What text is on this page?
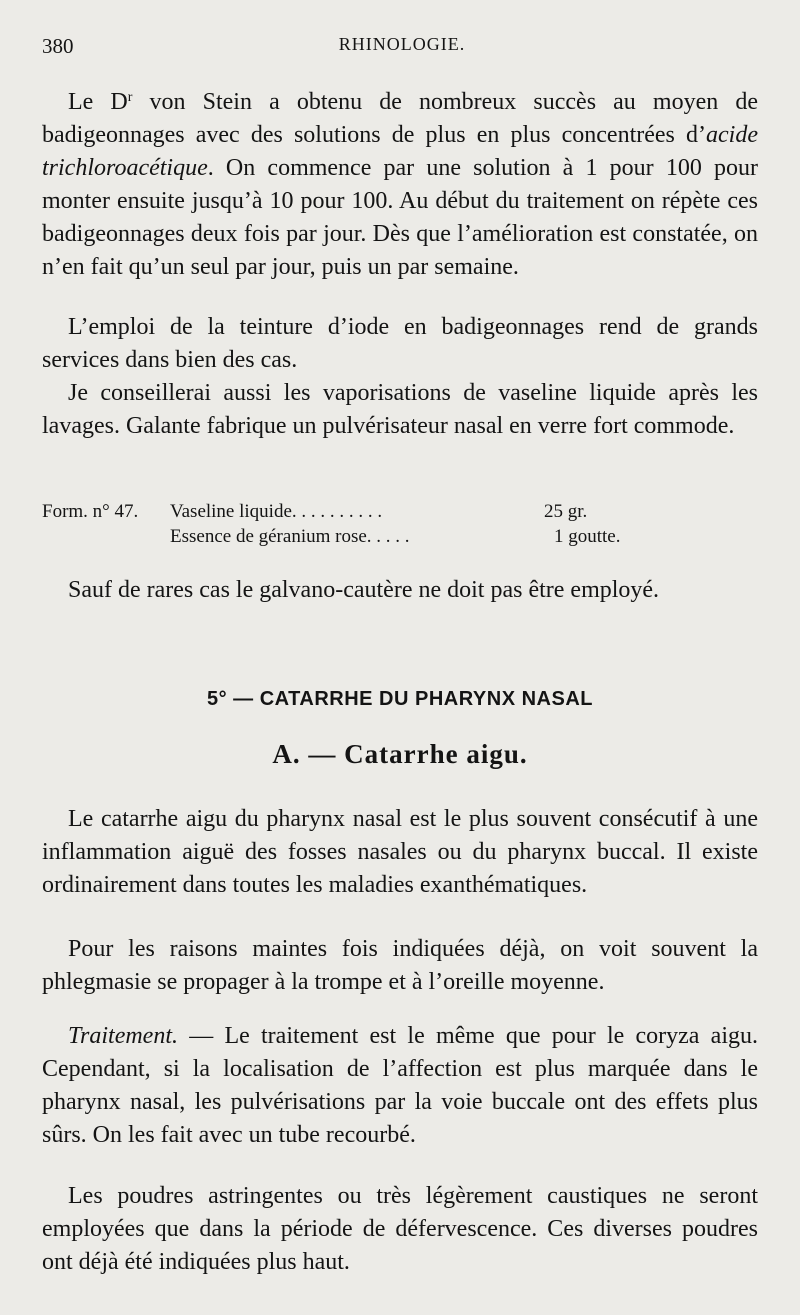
380	RHINOLOGIE.

Le $D^r$ von Stein a obtenu de nombreux succès au moyen de badigeonnages avec des solutions de plus en plus concentrées d’acide trichloroacétique. On commence par une solution à 1 pour 100 pour monter ensuite jusqu’à 10 pour 100. Au début du traitement on répète ces badigeonnages deux fois par jour. Dès que l’amélioration est constatée, on n’en fait qu’un seul par jour, puis un par semaine.

L’emploi de la teinture d’iode en badigeonnages rend de grands services dans bien des cas.

Je conseillerai aussi les vaporisations de vaseline liquide après les lavages. Galante fabrique un pulvérisateur nasal en verre fort commode.

Form. n° 47. Vaseline liquide. . . . . . . . . .	25 gr.
Essence de géranium rose. . . . .	1 goutte.

Sauf de rares cas le galvano-cautère ne doit pas être employé.

5° — CATARRHE DU PHARYNX NASAL
A. — Catarrhe aigu.

Le catarrhe aigu du pharynx nasal est le plus souvent consécutif à une inflammation aiguë des fosses nasales ou du pharynx buccal. Il existe ordinairement dans toutes les maladies exanthématiques.

Pour les raisons maintes fois indiquées déjà, on voit souvent la phlegmasie se propager à la trompe et à l’oreille moyenne.

Traitement. — Le traitement est le même que pour le coryza aigu. Cependant, si la localisation de l’affection est plus marquée dans le pharynx nasal, les pulvérisations par la voie buccale ont des effets plus sûrs. On les fait avec un tube recourbé.

Les poudres astringentes ou très légèrement caustiques ne seront employées que dans la période de défervescence. Ces diverses poudres ont déjà été indiquées plus haut.
